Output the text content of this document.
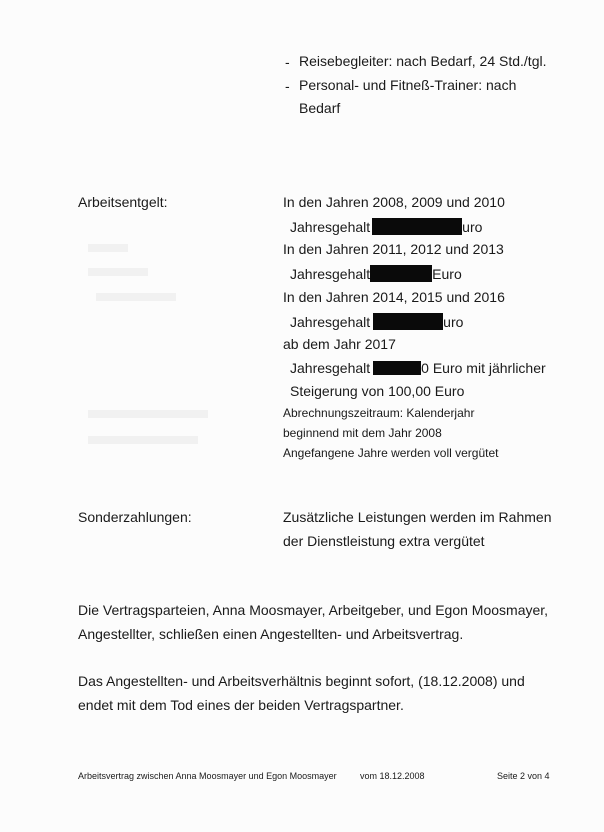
- Reisebegleiter: nach Bedarf, 24 Std./tgl.
- Personal- und Fitneß-Trainer: nach
Bedarf
Arbeitsentgelt:	In den Jahren 2008, 2009 und 2010
Jahresgehalt	uro
In den Jahren 2011, 2012 und 2013
Jahresgehalt	Euro
In den Jahren 2014, 2015 und 2016
Jahresgehalt	uro
ab dem Jahr 2017
Jahresgehalt	0 Euro mit jährlicher
Steigerung von 100,00 Euro
Abrechnungszeitraum: Kalenderjahr
beginnend mit dem Jahr 2008
Angefangene Jahre werden voll vergütet
Sonderzahlungen:	Zusätzliche Leistungen werden im Rahmen
der Dienstleistung extra vergütet
Die Vertragsparteien, Anna Moosmayer, Arbeitgeber, und Egon Moosmayer,
Angestellter, schließen einen Angestellten- und Arbeitsvertrag.
Das Angestellten- und Arbeitsverhältnis beginnt sofort, (18.12.2008) und
endet mit dem Tod eines der beiden Vertragspartner.
Arbeitsvertrag zwischen Anna Moosmayer und Egon Moosmayer	vom 18.12.2008	Seite 2 von 4
